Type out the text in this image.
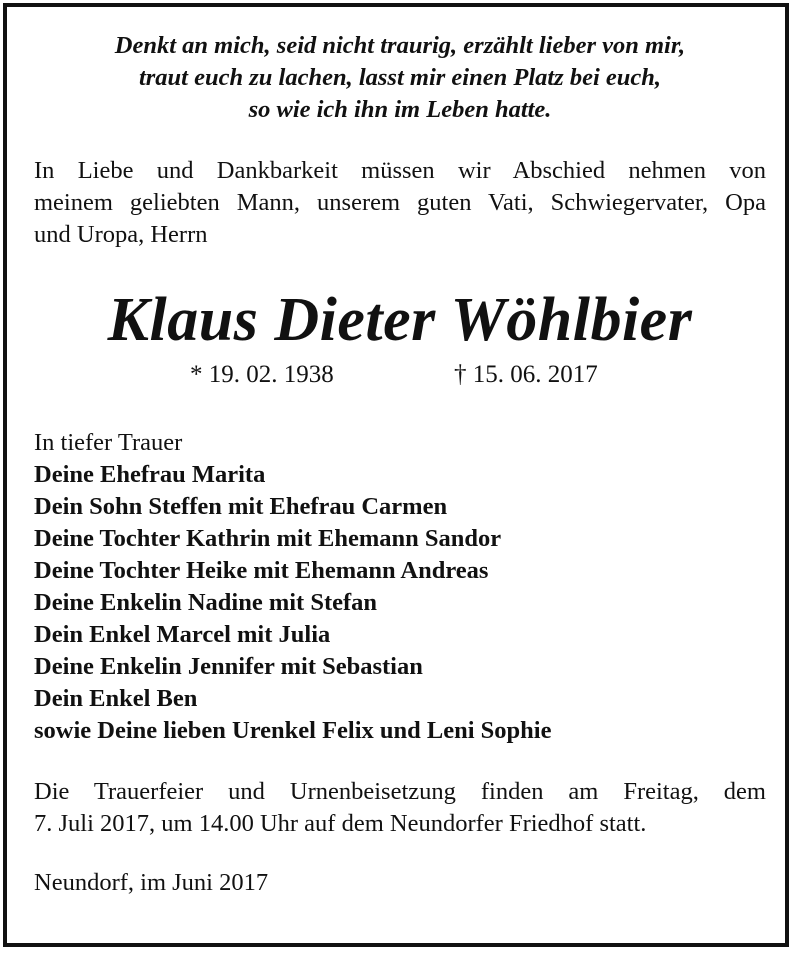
Denkt an mich, seid nicht traurig, erzählt lieber von mir,
traut euch zu lachen, lasst mir einen Platz bei euch,
so wie ich ihn im Leben hatte.
In Liebe und Dankbarkeit müssen wir Abschied nehmen von
meinem geliebten Mann, unserem guten Vati, Schwiegervater, Opa
und Uropa, Herrn
Klaus Dieter Wöhlbier
* 19. 02. 1938	† 15. 06. 2017
In tiefer Trauer
Deine Ehefrau Marita
Dein Sohn Steffen mit Ehefrau Carmen
Deine Tochter Kathrin mit Ehemann Sandor
Deine Tochter Heike mit Ehemann Andreas
Deine Enkelin Nadine mit Stefan
Dein Enkel Marcel mit Julia
Deine Enkelin Jennifer mit Sebastian
Dein Enkel Ben
sowie Deine lieben Urenkel Felix und Leni Sophie
Die Trauerfeier und Urnenbeisetzung finden am Freitag, dem
7. Juli 2017, um 14.00 Uhr auf dem Neundorfer Friedhof statt.
Neundorf, im Juni 2017
